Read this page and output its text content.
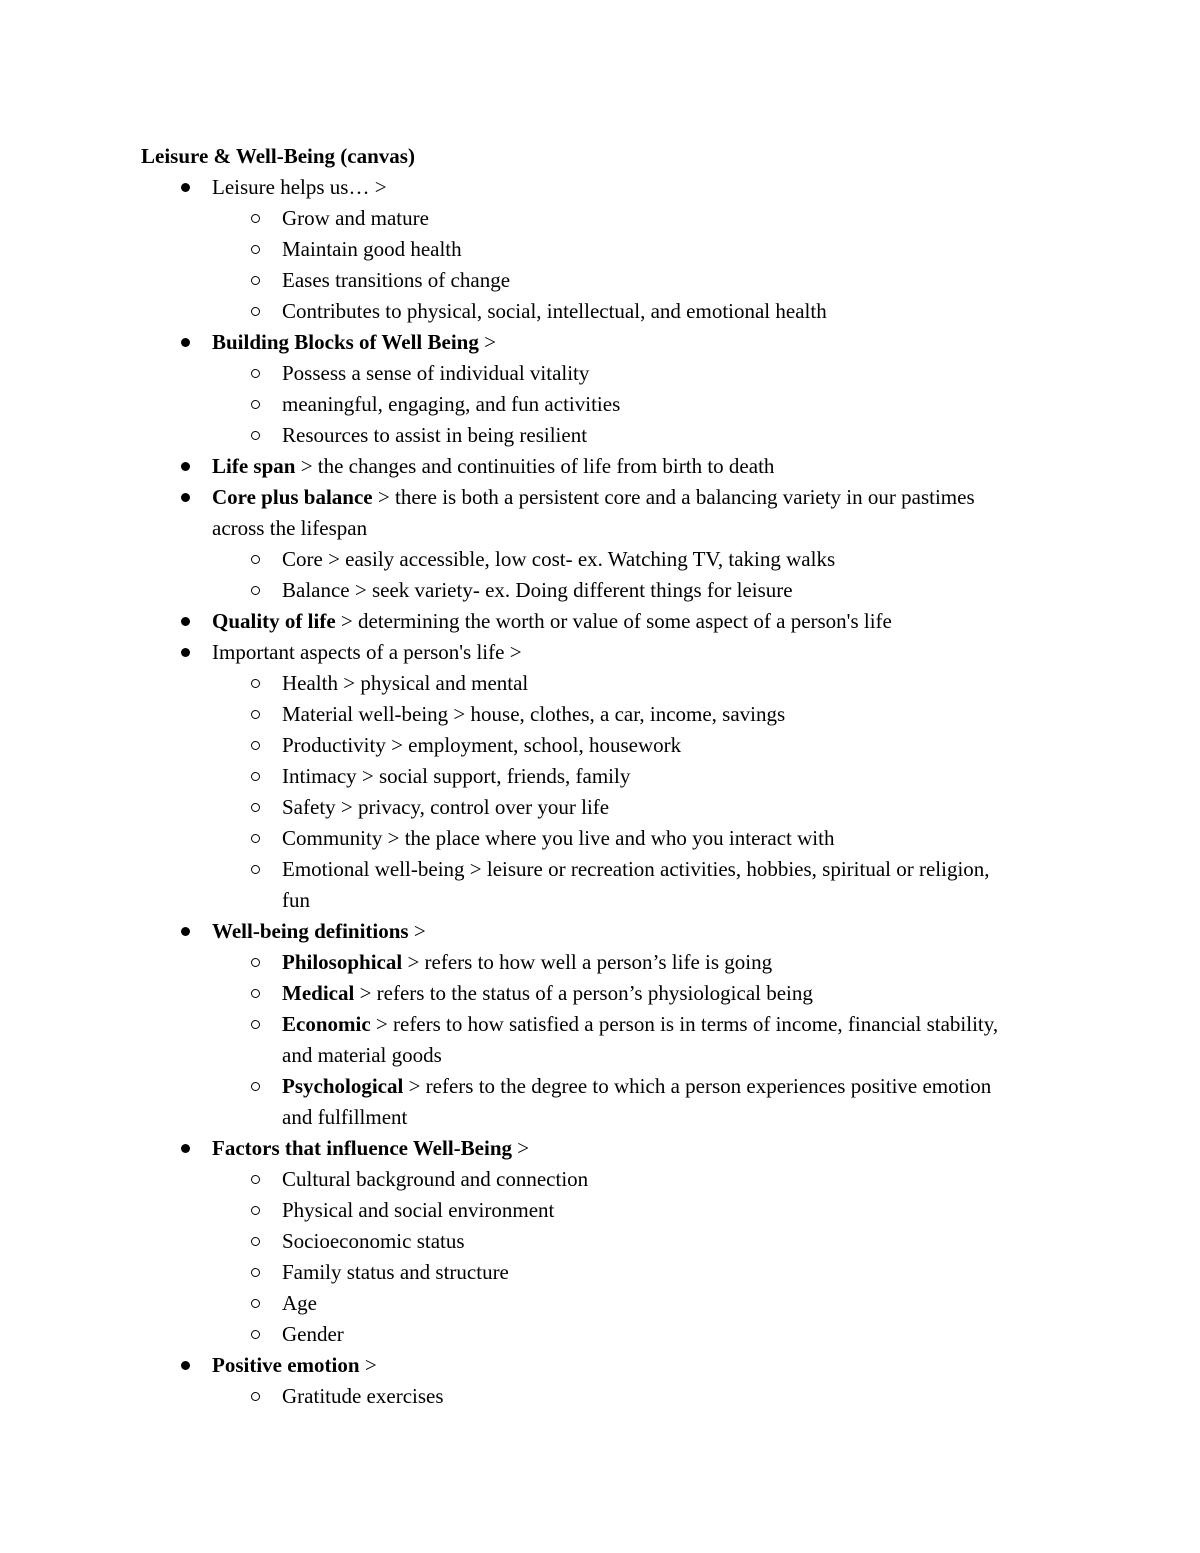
Leisure & Well-Being (canvas)

Leisure helps us… >

Grow and mature

Maintain good health

Eases transitions of change

Contributes to physical, social, intellectual, and emotional health

Building Blocks of Well Being >

Possess a sense of individual vitality

meaningful, engaging, and fun activities

Resources to assist in being resilient

Life span > the changes and continuities of life from birth to death

Core plus balance > there is both a persistent core and a balancing variety in our pastimes across the lifespan

Core > easily accessible, low cost- ex. Watching TV, taking walks

Balance > seek variety- ex. Doing different things for leisure

Quality of life > determining the worth or value of some aspect of a person's life

Important aspects of a person's life >

Health > physical and mental

Material well-being > house, clothes, a car, income, savings

Productivity > employment, school, housework

Intimacy > social support, friends, family

Safety > privacy, control over your life

Community > the place where you live and who you interact with

Emotional well-being > leisure or recreation activities, hobbies, spiritual or religion, fun

Well-being definitions >

Philosophical > refers to how well a person’s life is going

Medical > refers to the status of a person’s physiological being

Economic > refers to how satisfied a person is in terms of income, financial stability, and material goods

Psychological > refers to the degree to which a person experiences positive emotion and fulfillment

Factors that influence Well-Being >

Cultural background and connection

Physical and social environment

Socioeconomic status

Family status and structure

Age

Gender

Positive emotion >

Gratitude exercises
